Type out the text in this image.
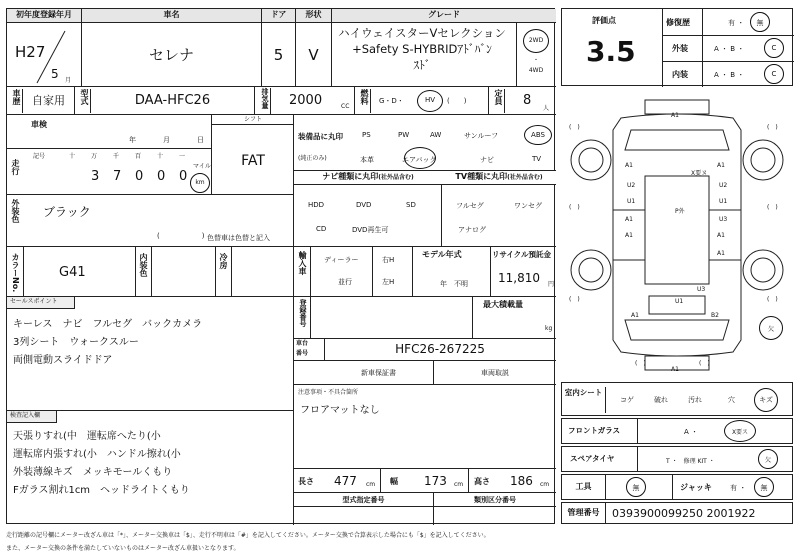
初年度登録年月	車名	ドア	形状	グレード
H27
5 月
セレナ	5	V
ハイウェイスターVセレクション
+Safety S-HYBRIDｱﾄﾞﾊﾞﾝ
ｽﾄﾞ
2WD
・
4WD
車歴	自家用	型式	DAA-HFC26	排気量 2000	CC
燃料 G・D・	HV	(　　)	定員 8
人
車検
年	月	日
シフト
FAT
走行
記号	十	万	千	百	十	一
3 7 0 0 0
マイル
km
装備品に丸印
(純正のみ)
PS	PW	AW	サンルーフ	ABS
本革	エアバック	ナビ	TV
ナビ種類に丸印(社外品含む)
HDD	DVD	SD
CD	DVD再生可
TV種類に丸印(社外品含む)
フルセグ	ワンセグ
アナログ
外装色 ブラック
(　　　　　　) 色替車は色替と記入
カラーNo.	G41	内装色	冷房	輸入車 ディーラー
並行
右H
左H
モデル年式
年　不明
リサイクル預託金
11,810 円
セールスポイント
キーレス　ナビ　フルセグ　バックカメラ
3列シート　ウォークスルー
両側電動スライドドア
登録番号	最大積載量
kg
車台番号	HFC26-267225
新車保証書	車両取説
注意事項・不具合箇所
フロアマットなし
検査記入欄
天張りすれ(中　運転席へたり(小
運転席内張すれ(小　ハンドル擦れ(小
外装薄線キズ　メッキモールくもり
Fガラス割れ1cm　ヘッドライトくもり
長さ 477 cm 幅 173 cm 高さ 186 cm
型式指定番号	類別区分番号
評価点
3.5
修復歴	有 ・	無
外装	A ・ B ・	C
内装	A ・ B ・	C
A1
A1
U2
U1
A1
A1
A1
U2
U1
U3
U3
A1
A1
U1
A1	B2
X要ヌ
P外
A1
(　)	(　)
(　)	(　)
(　)	(　)
(　)	(　)
欠
室内シート
コゲ	破れ	汚れ	穴	キズ
フロントガラス	A ・	X要ス
スペアタイヤ	T ・　修理 KIT ・	欠
工具	無	ジャッキ	有 ・	無
管理番号	0393900099250 2001922
走行距離の記号欄にメーター改ざん車は「*」、メーター交換車は「$」、走行不明車は「#」を記入してください。メーター交換で合算表示した場合にも「$」を記入してください。
また、メーター交換の条件を満たしていないものはメーター改ざん車扱いとなります。
